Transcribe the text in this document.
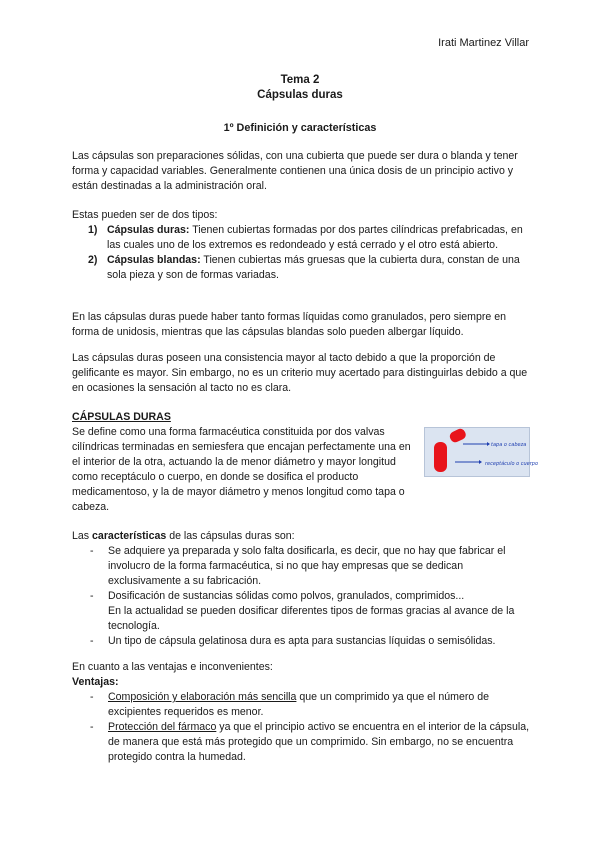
Irati Martinez Villar
Tema 2
Cápsulas duras
1º Definición y características

Las cápsulas son preparaciones sólidas, con una cubierta que puede ser dura o blanda y tener forma y capacidad variables. Generalmente contienen una única dosis de un principio activo y están destinadas a la administración oral.

Estas pueden ser de dos tipos:

1) Cápsulas duras: Tienen cubiertas formadas por dos partes cilíndricas prefabricadas, en las cuales uno de los extremos es redondeado y está cerrado y el otro está abierto.
2) Cápsulas blandas: Tienen cubiertas más gruesas que la cubierta dura, constan de una sola pieza y son de formas variadas.

En las cápsulas duras puede haber tanto formas líquidas como granulados, pero siempre en forma de unidosis, mientras que las cápsulas blandas solo pueden albergar líquido.

Las cápsulas duras poseen una consistencia mayor al tacto debido a que la proporción de gelificante es mayor. Sin embargo, no es un criterio muy acertado para distinguirlas debido a que en ocasiones la sensación al tacto no es clara.

CÁPSULAS DURAS

Se define como una forma farmacéutica constituida por dos valvas cilíndricas terminadas en semiesfera que encajan perfectamente una en el interior de la otra, actuando la de menor diámetro y mayor longitud como receptáculo o cuerpo, en donde se dosifica el producto medicamentoso, y la de mayor diámetro y menos longitud como tapa o cabeza.

tapa o cabeza
receptáculo o cuerpo

Las características de las cápsulas duras son:

- Se adquiere ya preparada y solo falta dosificarla, es decir, que no hay que fabricar el involucro de la forma farmacéutica, si no que hay empresas que se dedican exclusivamente a su fabricación.
- Dosificación de sustancias sólidas como polvos, granulados, comprimidos...
En la actualidad se pueden dosificar diferentes tipos de formas gracias al avance de la tecnología.
- Un tipo de cápsula gelatinosa dura es apta para sustancias líquidas o semisólidas.

En cuanto a las ventajas e inconvenientes:

Ventajas:

- Composición y elaboración más sencilla que un comprimido ya que el número de excipientes requeridos es menor.
- Protección del fármaco ya que el principio activo se encuentra en el interior de la cápsula, de manera que está más protegido que un comprimido. Sin embargo, no se encuentra protegido contra la humedad.
